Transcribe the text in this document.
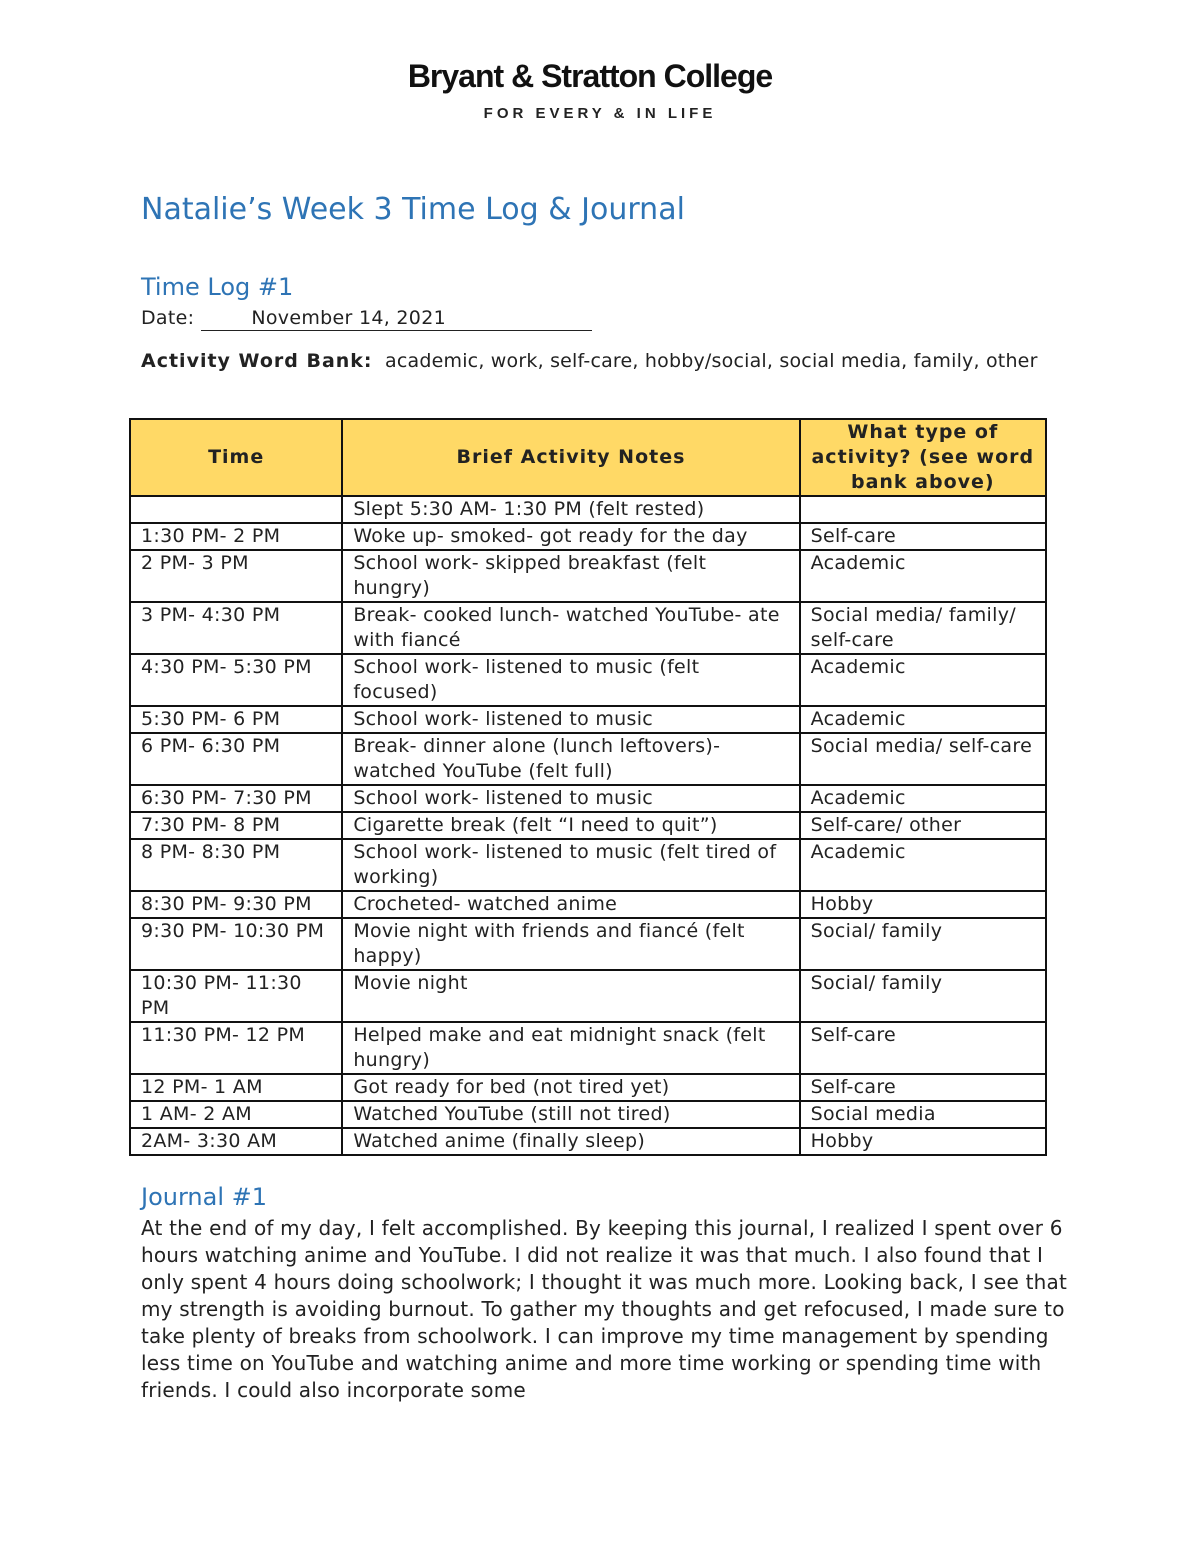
Bryant & Stratton College
FOR EVERY & IN LIFE
Natalie’s Week 3 Time Log & Journal
Time Log #1
Date: ​        November 14, 2021
Activity Word Bank: academic, work, self-care, hobby/social, social media, family, other
Time	Brief Activity Notes	What type of activity? (see word bank above)
	Slept 5:30 AM- 1:30 PM (felt rested)	
1:30 PM- 2 PM	Woke up- smoked- got ready for the day	Self-care
2 PM- 3 PM	School work- skipped breakfast (felt hungry)	Academic
3 PM- 4:30 PM	Break- cooked lunch- watched YouTube- ate with fiancé	Social media/ family/ self-care
4:30 PM- 5:30 PM	School work- listened to music (felt focused)	Academic
5:30 PM- 6 PM	School work- listened to music	Academic
6 PM- 6:30 PM	Break- dinner alone (lunch leftovers)- watched YouTube (felt full)	Social media/ self-care
6:30 PM- 7:30 PM	School work- listened to music	Academic
7:30 PM- 8 PM	Cigarette break (felt “I need to quit”)	Self-care/ other
8 PM- 8:30 PM	School work- listened to music (felt tired of working)	Academic
8:30 PM- 9:30 PM	Crocheted- watched anime	Hobby
9:30 PM- 10:30 PM	Movie night with friends and fiancé (felt happy)	Social/ family
10:30 PM- 11:30 PM	Movie night	Social/ family
11:30 PM- 12 PM	Helped make and eat midnight snack (felt hungry)	Self-care
12 PM- 1 AM	Got ready for bed (not tired yet)	Self-care
1 AM- 2 AM	Watched YouTube (still not tired)	Social media
2AM- 3:30 AM	Watched anime (finally sleep)	Hobby
Journal #1

At the end of my day, I felt accomplished. By keeping this journal, I realized I spent over 6 hours watching anime and YouTube. I did not realize it was that much. I also found that I only spent 4 hours doing schoolwork; I thought it was much more. Looking back, I see that my strength is avoiding burnout. To gather my thoughts and get refocused, I made sure to take plenty of breaks from schoolwork. I can improve my time management by spending less time on YouTube and watching anime and more time working or spending time with friends. I could also incorporate some
